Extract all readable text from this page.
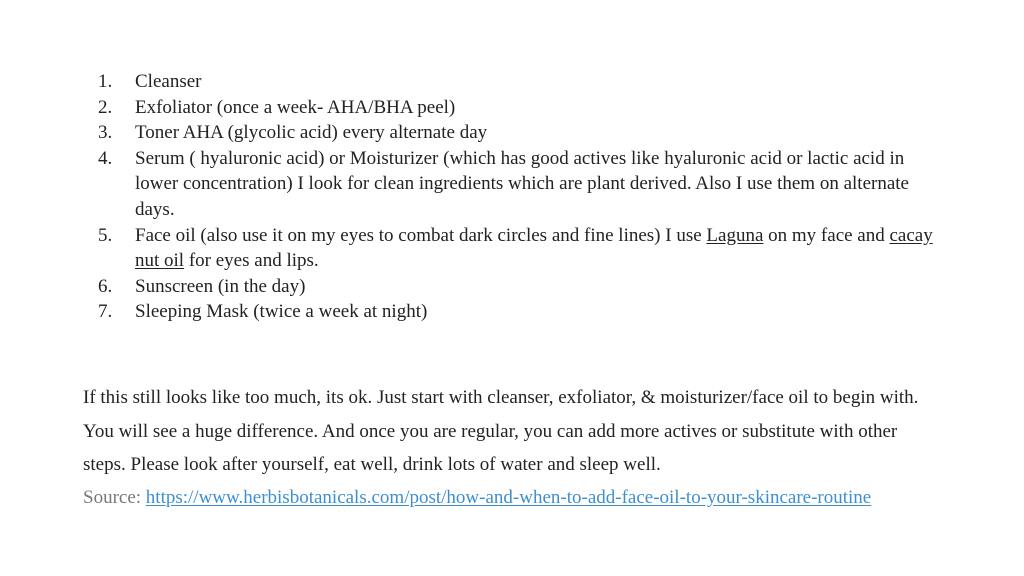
1.	Cleanser
2.	Exfoliator (once a week- AHA/BHA peel)
3.	Toner AHA (glycolic acid) every alternate day
4.	Serum ( hyaluronic acid) or Moisturizer (which has good actives like hyaluronic acid or lactic acid in lower concentration) I look for clean ingredients which are plant derived. Also I use them on alternate days.
5.	Face oil (also use it on my eyes to combat dark circles and fine lines) I use Laguna on my face and cacay nut oil for eyes and lips.
6.	Sunscreen (in the day)
7.	Sleeping Mask (twice a week at night)

If this still looks like too much, its ok. Just start with cleanser, exfoliator, & moisturizer/face oil to begin with. You will see a huge difference. And once you are regular, you can add more actives or substitute with other steps. Please look after yourself, eat well, drink lots of water and sleep well.

Source: https://www.herbisbotanicals.com/post/how-and-when-to-add-face-oil-to-your-skincare-routine
